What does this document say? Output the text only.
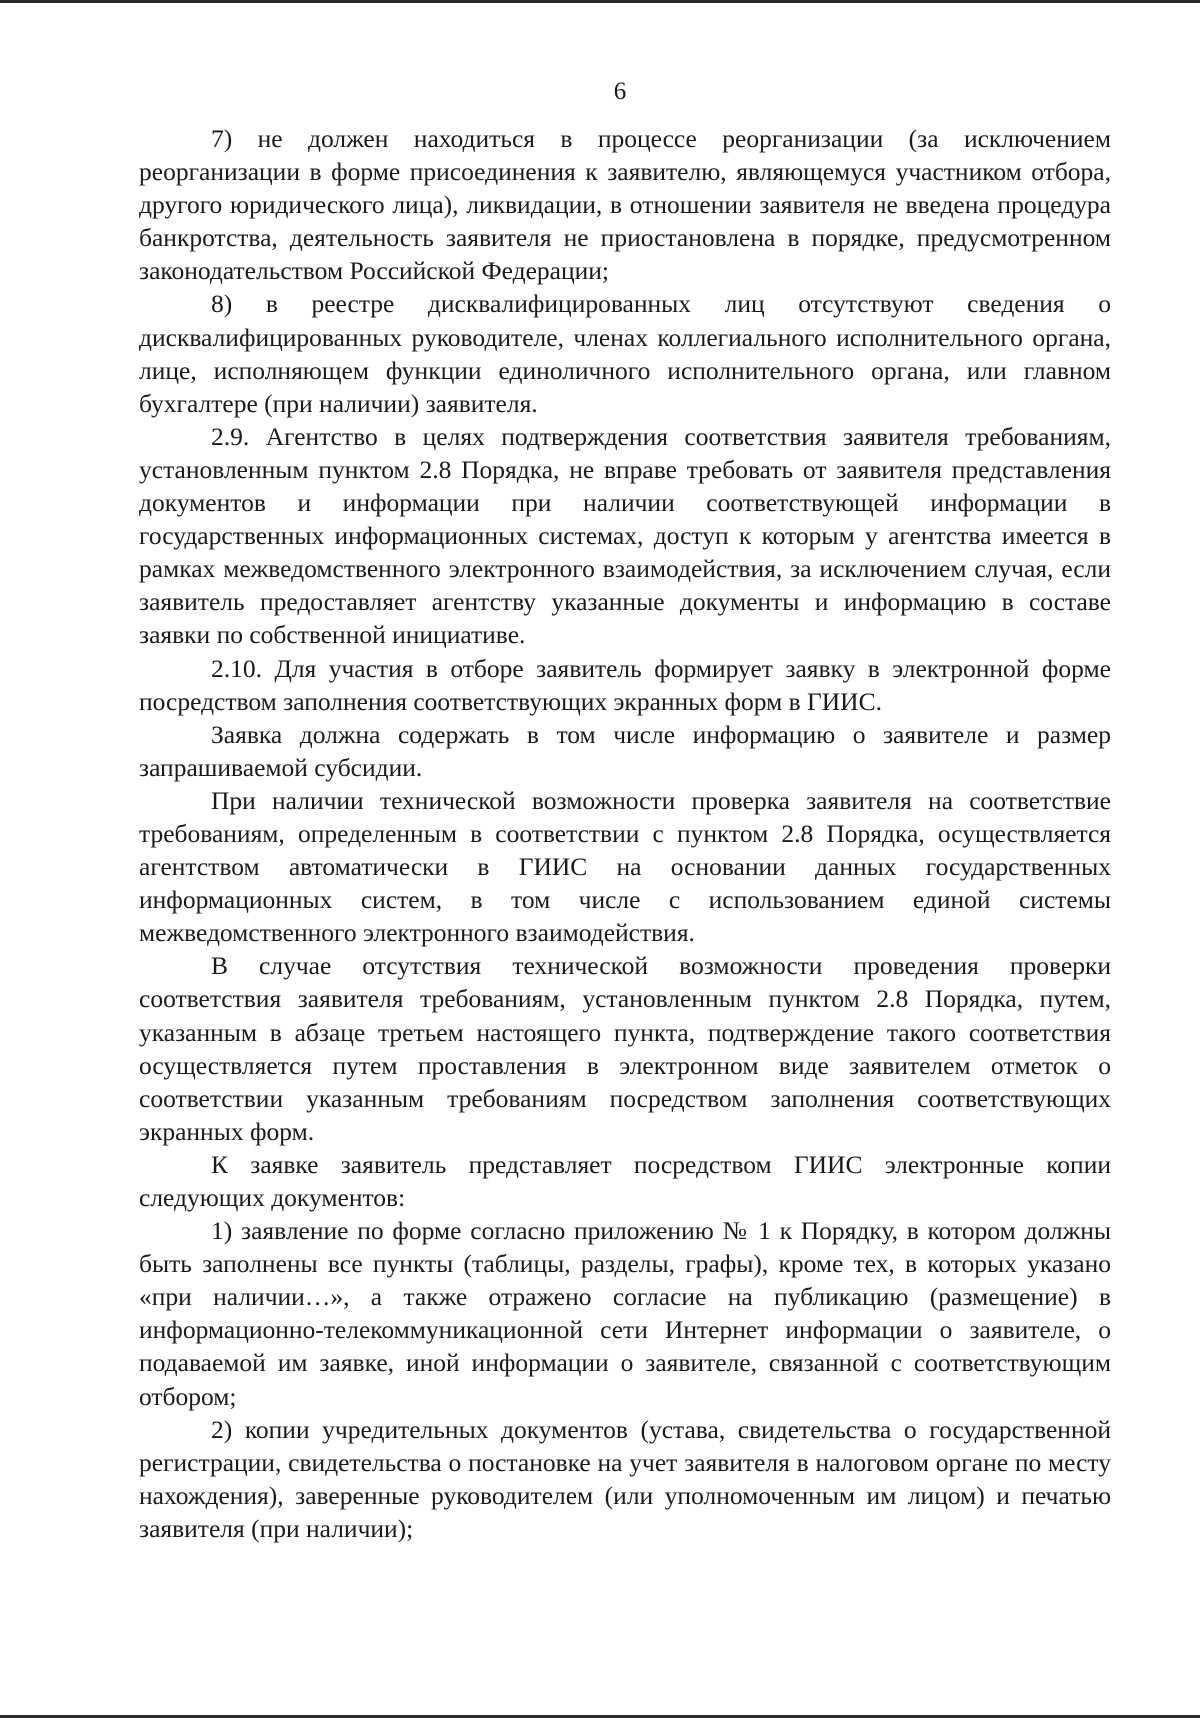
6

7) не должен находиться в процессе реорганизации (за исключением реорганизации в форме присоединения к заявителю, являющемуся участником отбора, другого юридического лица), ликвидации, в отношении заявителя не введена процедура банкротства, деятельность заявителя не приостановлена в порядке, предусмотренном законодательством Российской Федерации;

8) в реестре дисквалифицированных лиц отсутствуют сведения о дисквалифицированных руководителе, членах коллегиального исполнительного органа, лице, исполняющем функции единоличного исполнительного органа, или главном бухгалтере (при наличии) заявителя.

2.9. Агентство в целях подтверждения соответствия заявителя требованиям, установленным пунктом 2.8 Порядка, не вправе требовать от заявителя представления документов и информации при наличии соответствующей информации в государственных информационных системах, доступ к которым у агентства имеется в рамках межведомственного электронного взаимодействия, за исключением случая, если заявитель предоставляет агентству указанные документы и информацию в составе заявки по собственной инициативе.

2.10. Для участия в отборе заявитель формирует заявку в электронной форме посредством заполнения соответствующих экранных форм в ГИИС.

Заявка должна содержать в том числе информацию о заявителе и размер запрашиваемой субсидии.

При наличии технической возможности проверка заявителя на соответствие требованиям, определенным в соответствии с пунктом 2.8 Порядка, осуществляется агентством автоматически в ГИИС на основании данных государственных информационных систем, в том числе с использованием единой системы межведомственного электронного взаимодействия.

В случае отсутствия технической возможности проведения проверки соответствия заявителя требованиям, установленным пунктом 2.8 Порядка, путем, указанным в абзаце третьем настоящего пункта, подтверждение такого соответствия осуществляется путем проставления в электронном виде заявителем отметок о соответствии указанным требованиям посредством заполнения соответствующих экранных форм.

К заявке заявитель представляет посредством ГИИС электронные копии следующих документов:

1) заявление по форме согласно приложению № 1 к Порядку, в котором должны быть заполнены все пункты (таблицы, разделы, графы), кроме тех, в которых указано «при наличии…», а также отражено согласие на публикацию (размещение) в информационно-телекоммуникационной сети Интернет информации о заявителе, о подаваемой им заявке, иной информации о заявителе, связанной с соответствующим отбором;

2) копии учредительных документов (устава, свидетельства о государственной регистрации, свидетельства о постановке на учет заявителя в налоговом органе по месту нахождения), заверенные руководителем (или уполномоченным им лицом) и печатью заявителя (при наличии);
